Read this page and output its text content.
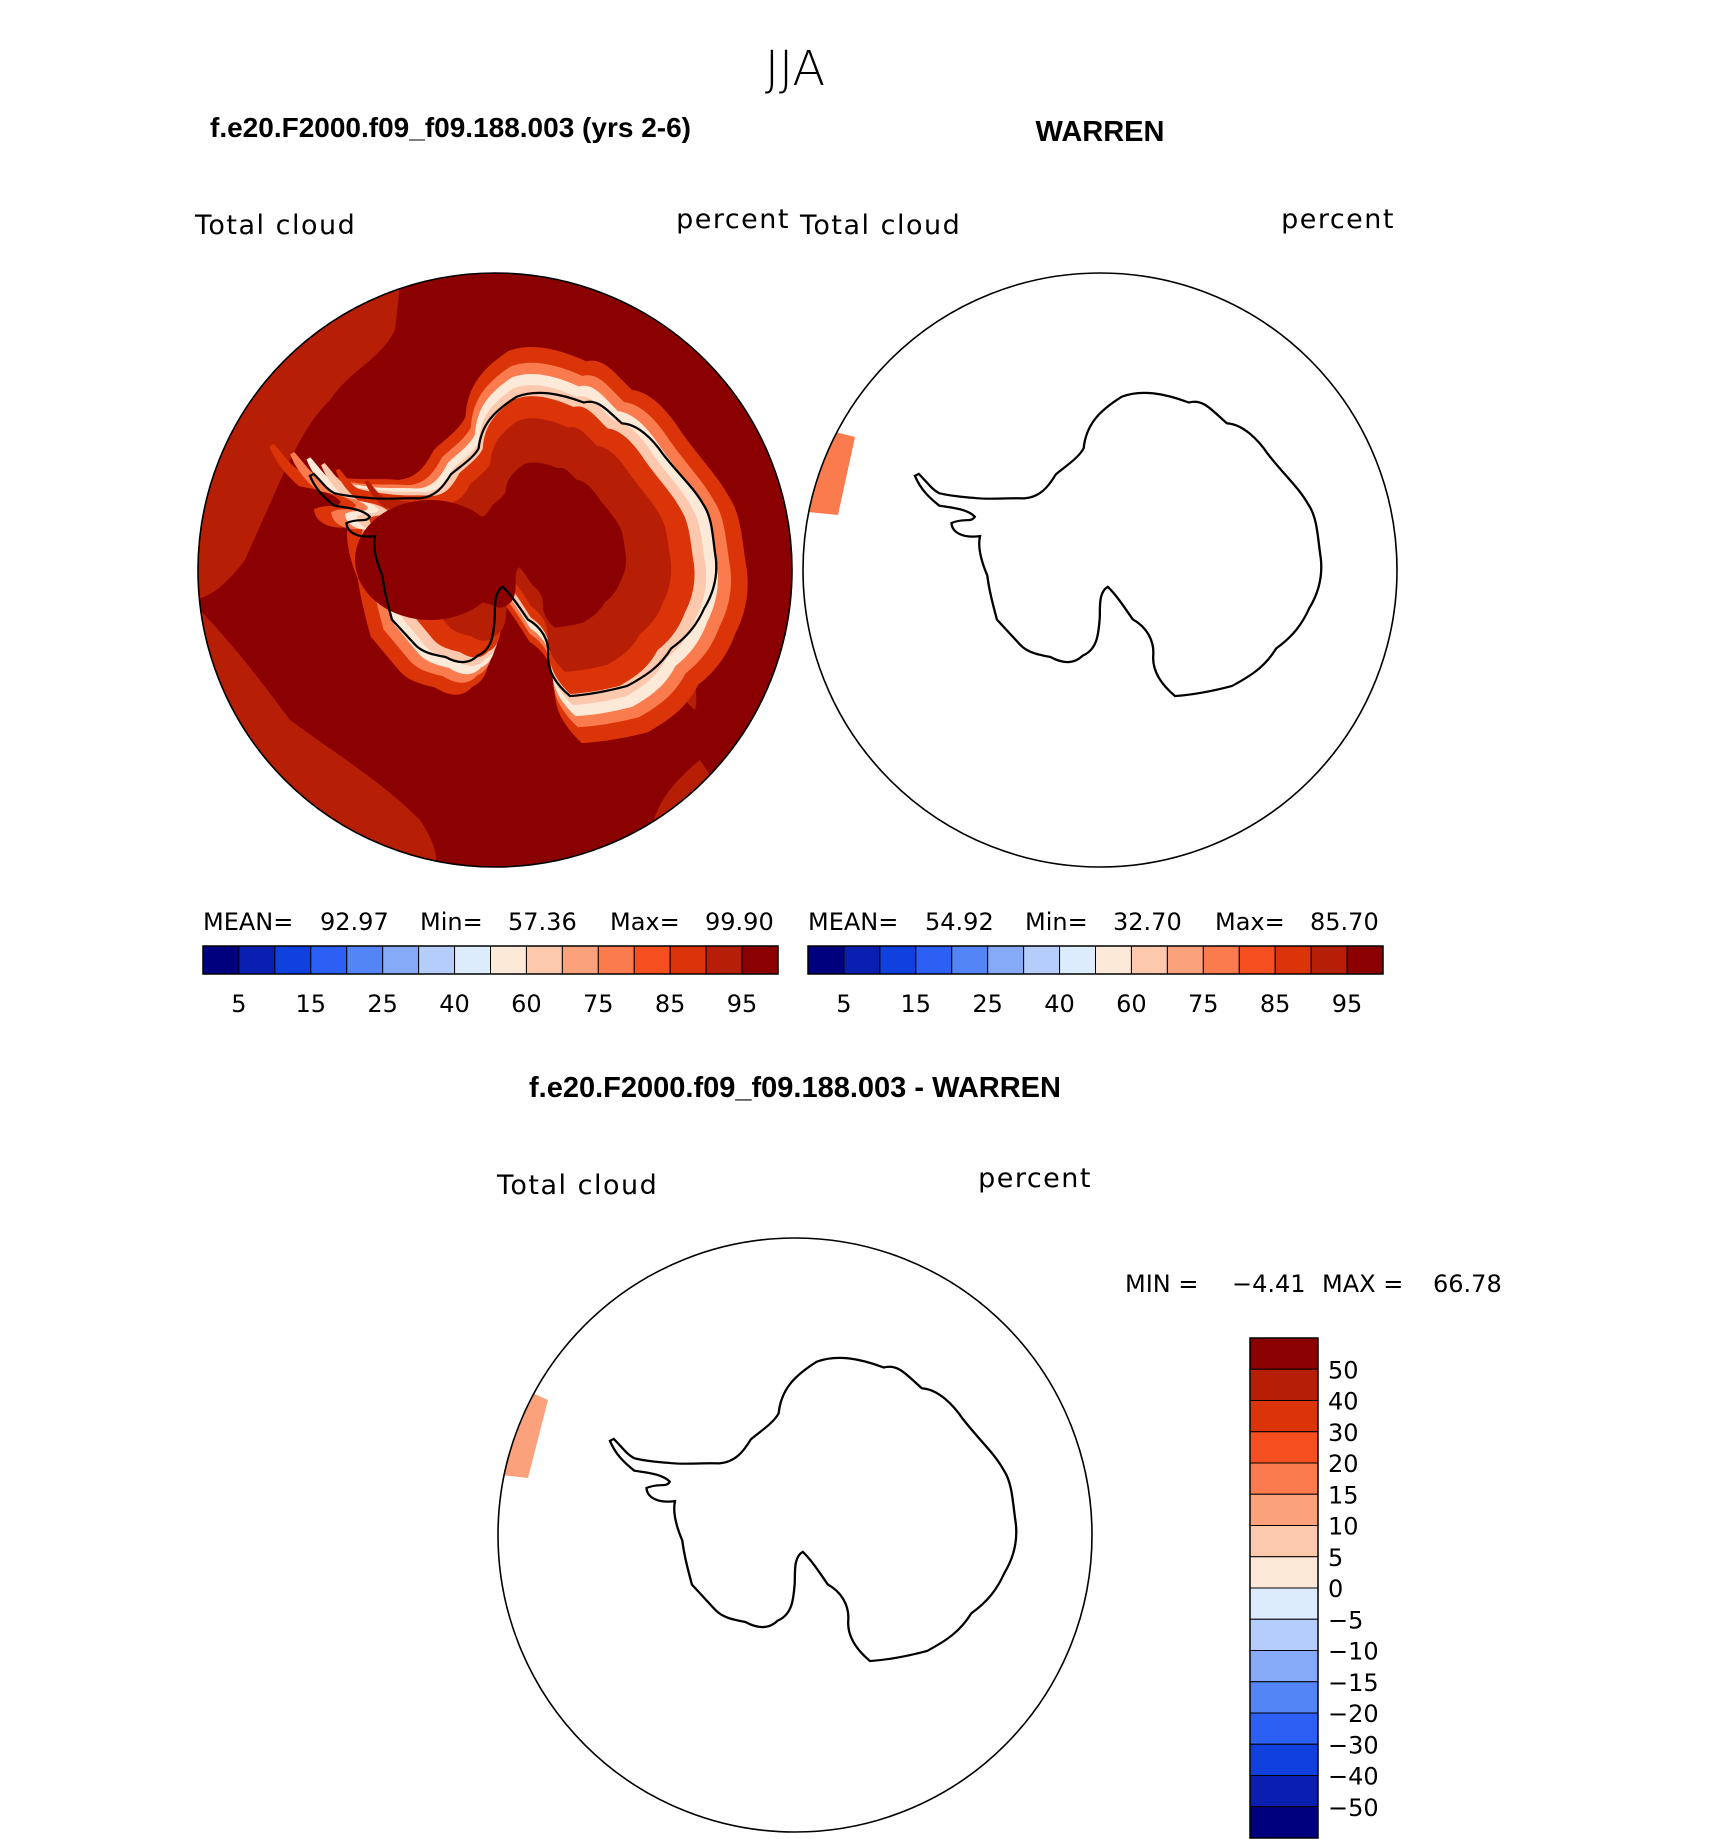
JJA
f.e20.F2000.f09_f09.188.003 (yrs 2-6)
Total cloud	percent
WARREN
Total cloud	percent
MEAN= 92.97 Min= 57.36 Max= 99.90 MEAN= 54.92 Min= 32.70 Max= 85.70
5 15 25 40 60 75 85 95	5 15 25 40 60 75 85 95
f.e20.F2000.f09_f09.188.003 - WARREN
Total cloud	percent
MIN = −4.41 MAX = 66.78
50
40
30
20
15
10
5
0
−5
−10
−15
−20
−30
−40
−50
